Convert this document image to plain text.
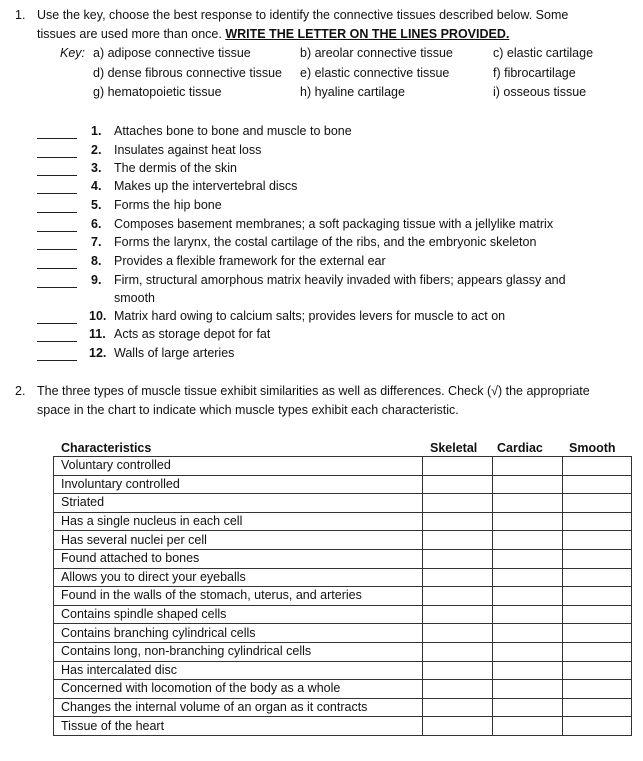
1. Use the key, choose the best response to identify the connective tissues described below. Some
tissues are used more than once. WRITE THE LETTER ON THE LINES PROVIDED.
Key: a) adipose connective tissue	b) areolar connective tissue	c) elastic cartilage
d) dense fibrous connective tissue e) elastic connective tissue	f) fibrocartilage
g) hematopoietic tissue	h) hyaline cartilage	i) osseous tissue
1. Attaches bone to bone and muscle to bone
2. Insulates against heat loss
3. The dermis of the skin
4. Makes up the intervertebral discs
5. Forms the hip bone
6. Composes basement membranes; a soft packaging tissue with a jellylike matrix
7. Forms the larynx, the costal cartilage of the ribs, and the embryonic skeleton
8. Provides a flexible framework for the external ear
9. Firm, structural amorphous matrix heavily invaded with fibers; appears glassy and
smooth
10. Matrix hard owing to calcium salts; provides levers for muscle to act on
11. Acts as storage depot for fat
12. Walls of large arteries
2. The three types of muscle tissue exhibit similarities as well as differences. Check (√) the appropriate
space in the chart to indicate which muscle types exhibit each characteristic.
Characteristics	Skeletal Cardiac Smooth
Voluntary controlled			
Involuntary controlled			
Striated			
Has a single nucleus in each cell			
Has several nuclei per cell			
Found attached to bones			
Allows you to direct your eyeballs			
Found in the walls of the stomach, uterus, and arteries			
Contains spindle shaped cells			
Contains branching cylindrical cells			
Contains long, non-branching cylindrical cells			
Has intercalated disc			
Concerned with locomotion of the body as a whole			
Changes the internal volume of an organ as it contracts			
Tissue of the heart			
